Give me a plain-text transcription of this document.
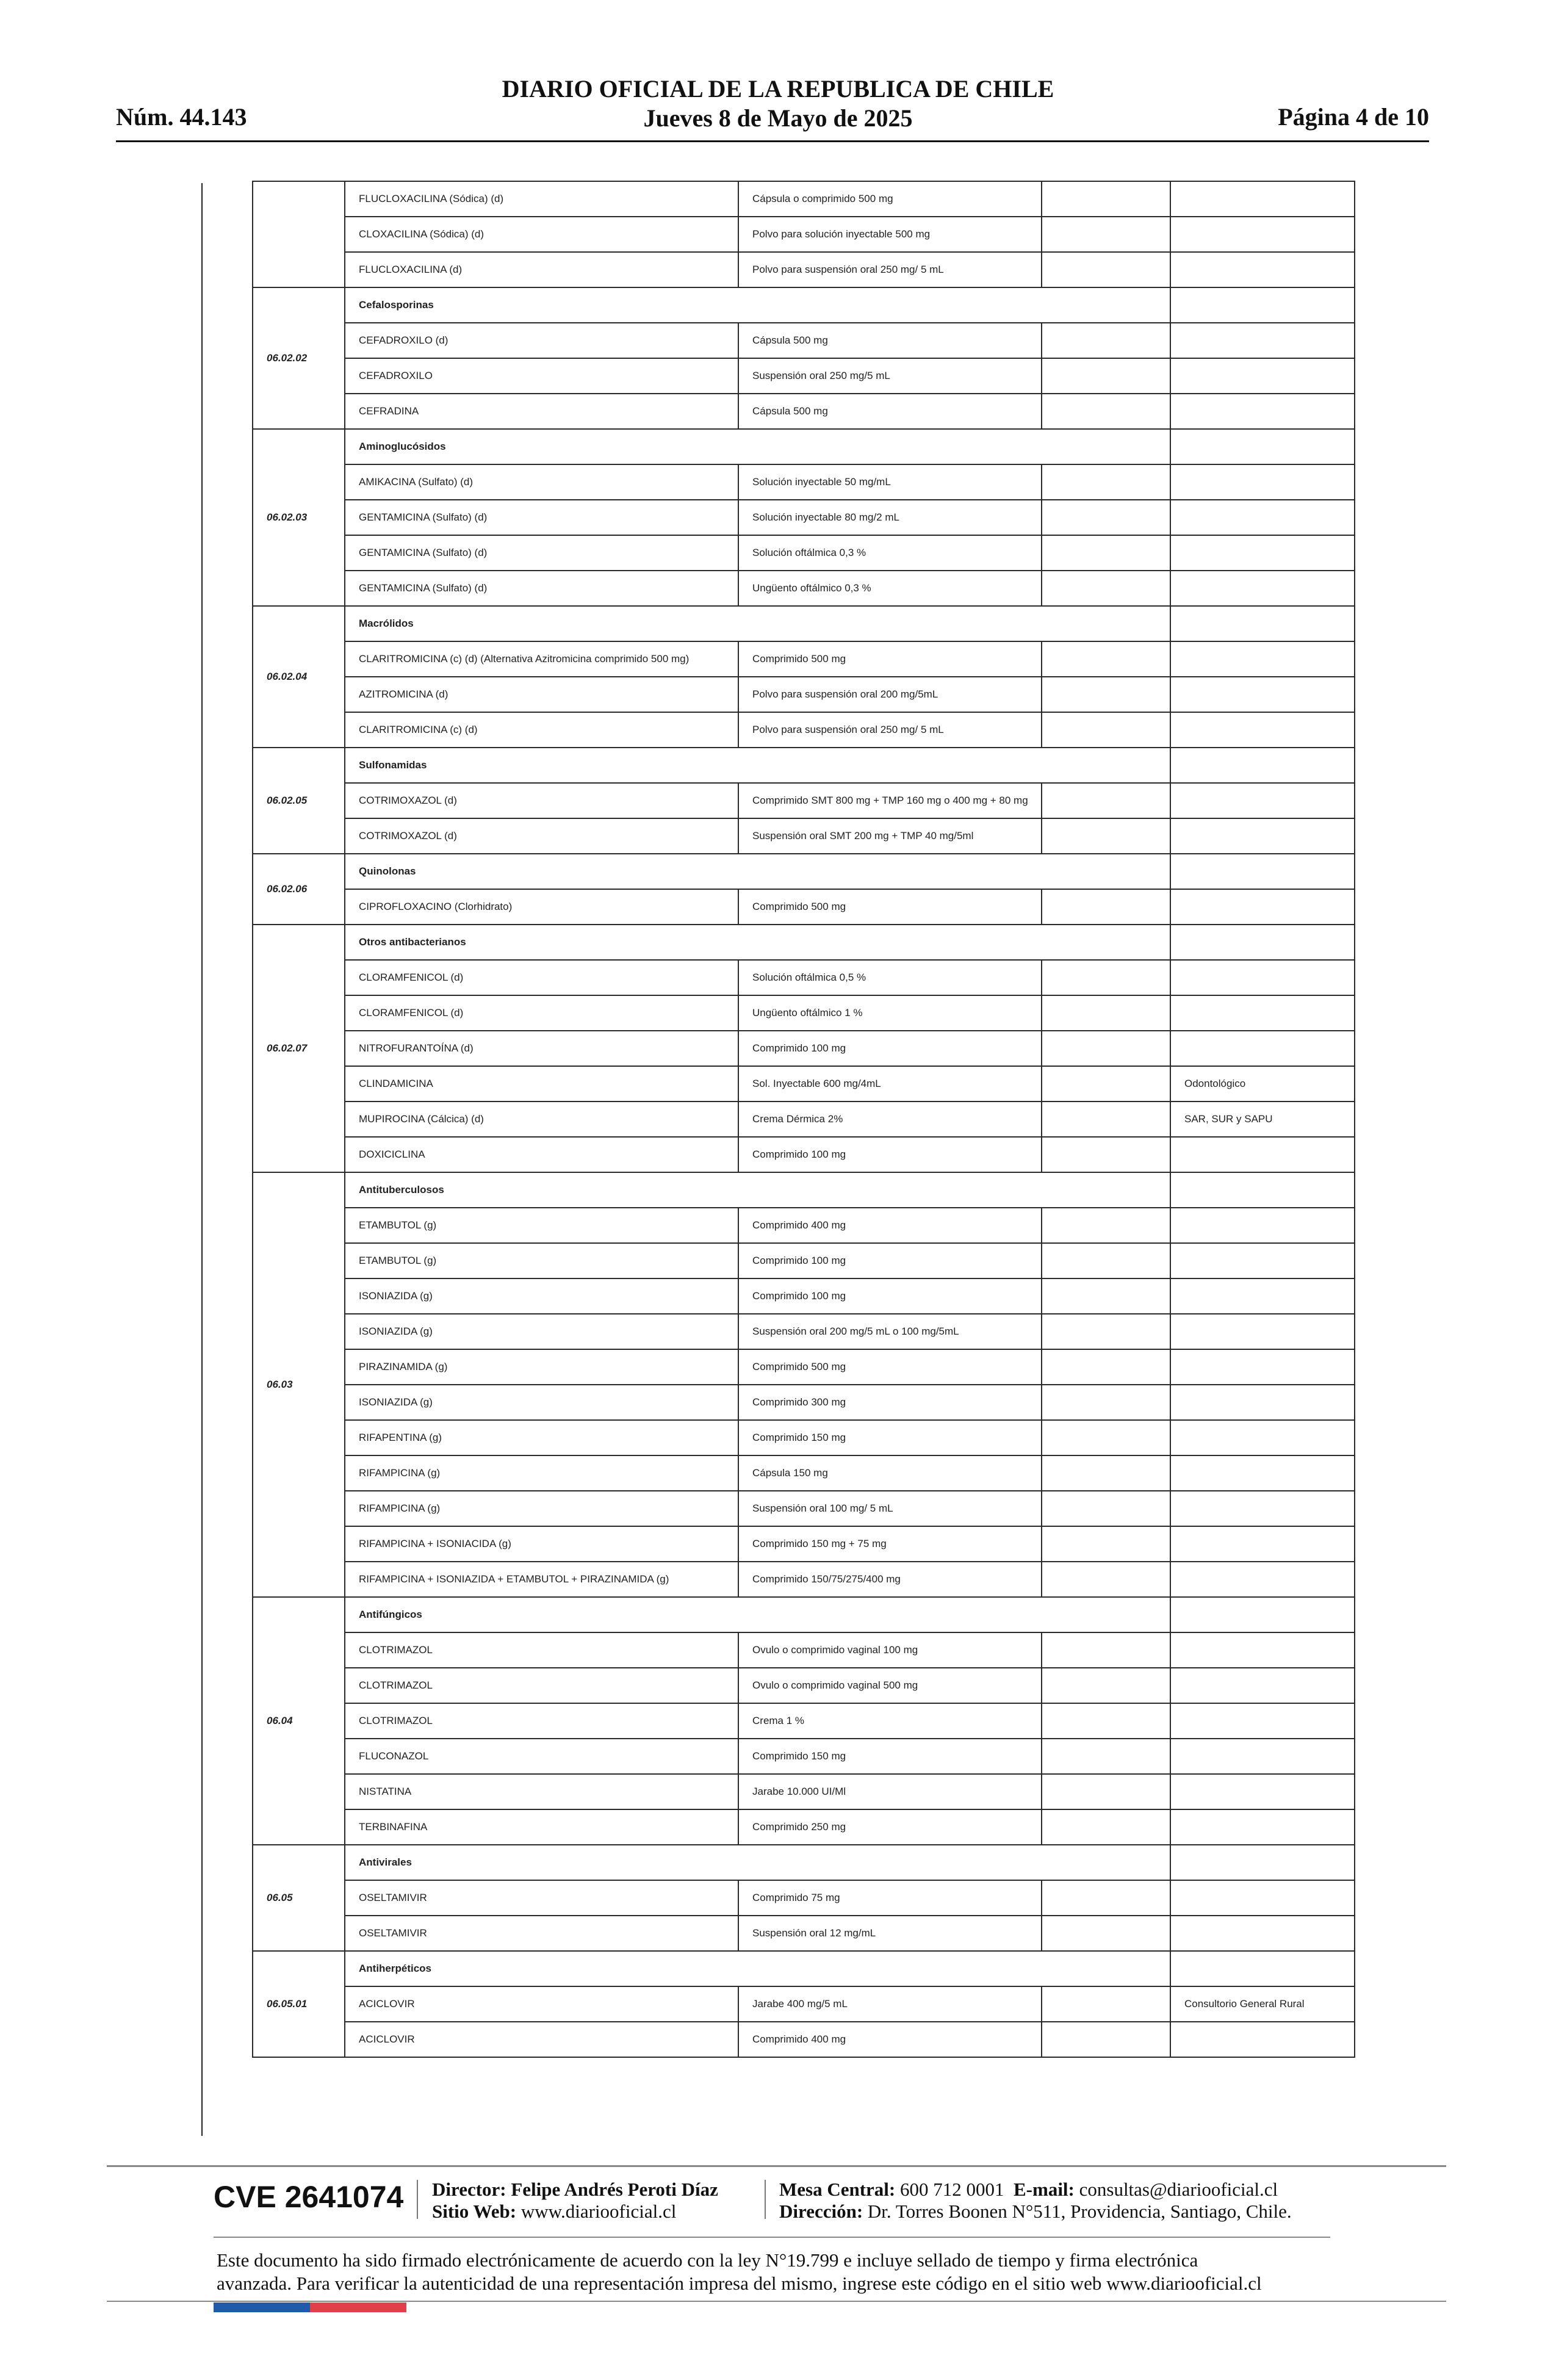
DIARIO OFICIAL DE LA REPUBLICA DE CHILE
Jueves 8 de Mayo de 2025
Núm. 44.143	Página 4 de 10
	FLUCLOXACILINA (Sódica) (d)	Cápsula o comprimido 500 mg		
	CLOXACILINA (Sódica) (d)	Polvo para solución inyectable 500 mg		
	FLUCLOXACILINA (d)	Polvo para suspensión oral 250 mg/ 5 mL		
06.02.02	Cefalosporinas			
	CEFADROXILO (d)	Cápsula 500 mg		
	CEFADROXILO	Suspensión oral 250 mg/5 mL		
	CEFRADINA	Cápsula 500 mg		
06.02.03	Aminoglucósidos			
	AMIKACINA (Sulfato) (d)	Solución inyectable 50 mg/mL		
	GENTAMICINA (Sulfato) (d)	Solución inyectable 80 mg/2 mL		
	GENTAMICINA (Sulfato) (d)	Solución oftálmica 0,3 %		
	GENTAMICINA (Sulfato) (d)	Ungüento oftálmico 0,3 %		
06.02.04	Macrólidos			
	CLARITROMICINA (c) (d) (Alternativa Azitromicina comprimido 500 mg)	Comprimido 500 mg		
	AZITROMICINA (d)	Polvo para suspensión oral 200 mg/5mL		
	CLARITROMICINA (c) (d)	Polvo para suspensión oral 250 mg/ 5 mL		
06.02.05	Sulfonamidas			
	COTRIMOXAZOL (d)	Comprimido SMT 800 mg + TMP 160 mg o 400 mg + 80 mg		
	COTRIMOXAZOL (d)	Suspensión oral SMT 200 mg + TMP 40 mg/5ml		
06.02.06	Quinolonas			
	CIPROFLOXACINO (Clorhidrato)	Comprimido 500 mg		
06.02.07	Otros antibacterianos			
	CLORAMFENICOL (d)	Solución oftálmica 0,5 %		
	CLORAMFENICOL (d)	Ungüento oftálmico 1 %		
	NITROFURANTOÍNA (d)	Comprimido 100 mg		
	CLINDAMICINA	Sol. Inyectable 600 mg/4mL		Odontológico
	MUPIROCINA (Cálcica) (d)	Crema Dérmica 2%		SAR, SUR y SAPU
	DOXICICLINA	Comprimido 100 mg		
06.03	Antituberculosos			
	ETAMBUTOL (g)	Comprimido 400 mg		
	ETAMBUTOL (g)	Comprimido 100 mg		
	ISONIAZIDA (g)	Comprimido 100 mg		
	ISONIAZIDA (g)	Suspensión oral 200 mg/5 mL o 100 mg/5mL		
	PIRAZINAMIDA (g)	Comprimido 500 mg		
	ISONIAZIDA (g)	Comprimido 300 mg		
	RIFAPENTINA (g)	Comprimido 150 mg		
	RIFAMPICINA (g)	Cápsula 150 mg		
	RIFAMPICINA (g)	Suspensión oral 100 mg/ 5 mL		
	RIFAMPICINA + ISONIACIDA (g)	Comprimido 150 mg + 75 mg		
	RIFAMPICINA + ISONIAZIDA + ETAMBUTOL + PIRAZINAMIDA (g)	Comprimido 150/75/275/400 mg		
06.04	Antifúngicos			
	CLOTRIMAZOL	Ovulo o comprimido vaginal 100 mg		
	CLOTRIMAZOL	Ovulo o comprimido vaginal 500 mg		
	CLOTRIMAZOL	Crema 1 %		
	FLUCONAZOL	Comprimido 150 mg		
	NISTATINA	Jarabe 10.000 UI/Ml		
	TERBINAFINA	Comprimido 250 mg		
06.05	Antivirales			
	OSELTAMIVIR	Comprimido 75 mg		
	OSELTAMIVIR	Suspensión oral 12 mg/mL		
06.05.01	Antiherpéticos			
	ACICLOVIR	Jarabe 400 mg/5 mL		Consultorio General Rural
	ACICLOVIR	Comprimido 400 mg		
CVE 2641074 Director: Felipe Andrés Peroti Díaz
Sitio Web: www.diariooficial.cl
Mesa Central: 600 712 0001 E-mail: consultas@diariooficial.cl
Dirección: Dr. Torres Boonen N°511, Providencia, Santiago, Chile.
Este documento ha sido firmado electrónicamente de acuerdo con la ley N°19.799 e incluye sellado de tiempo y firma electrónica
avanzada. Para verificar la autenticidad de una representación impresa del mismo, ingrese este código en el sitio web www.diariooficial.cl
